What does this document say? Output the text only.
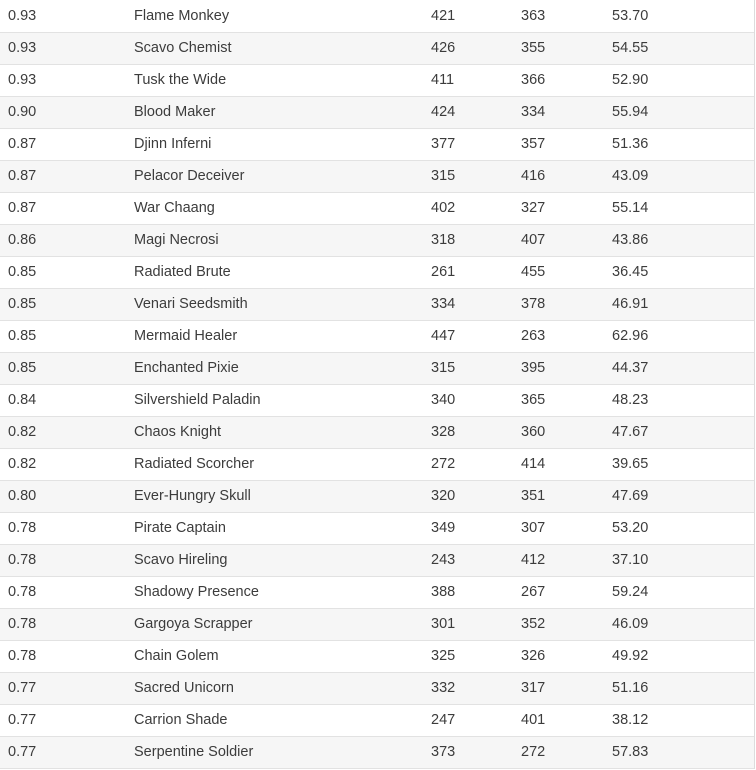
0.93	Flame Monkey	421	363	53.70
0.93	Scavo Chemist	426	355	54.55
0.93	Tusk the Wide	411	366	52.90
0.90	Blood Maker	424	334	55.94
0.87	Djinn Inferni	377	357	51.36
0.87	Pelacor Deceiver	315	416	43.09
0.87	War Chaang	402	327	55.14
0.86	Magi Necrosi	318	407	43.86
0.85	Radiated Brute	261	455	36.45
0.85	Venari Seedsmith	334	378	46.91
0.85	Mermaid Healer	447	263	62.96
0.85	Enchanted Pixie	315	395	44.37
0.84	Silvershield Paladin	340	365	48.23
0.82	Chaos Knight	328	360	47.67
0.82	Radiated Scorcher	272	414	39.65
0.80	Ever-Hungry Skull	320	351	47.69
0.78	Pirate Captain	349	307	53.20
0.78	Scavo Hireling	243	412	37.10
0.78	Shadowy Presence	388	267	59.24
0.78	Gargoya Scrapper	301	352	46.09
0.78	Chain Golem	325	326	49.92
0.77	Sacred Unicorn	332	317	51.16
0.77	Carrion Shade	247	401	38.12
0.77	Serpentine Soldier	373	272	57.83
